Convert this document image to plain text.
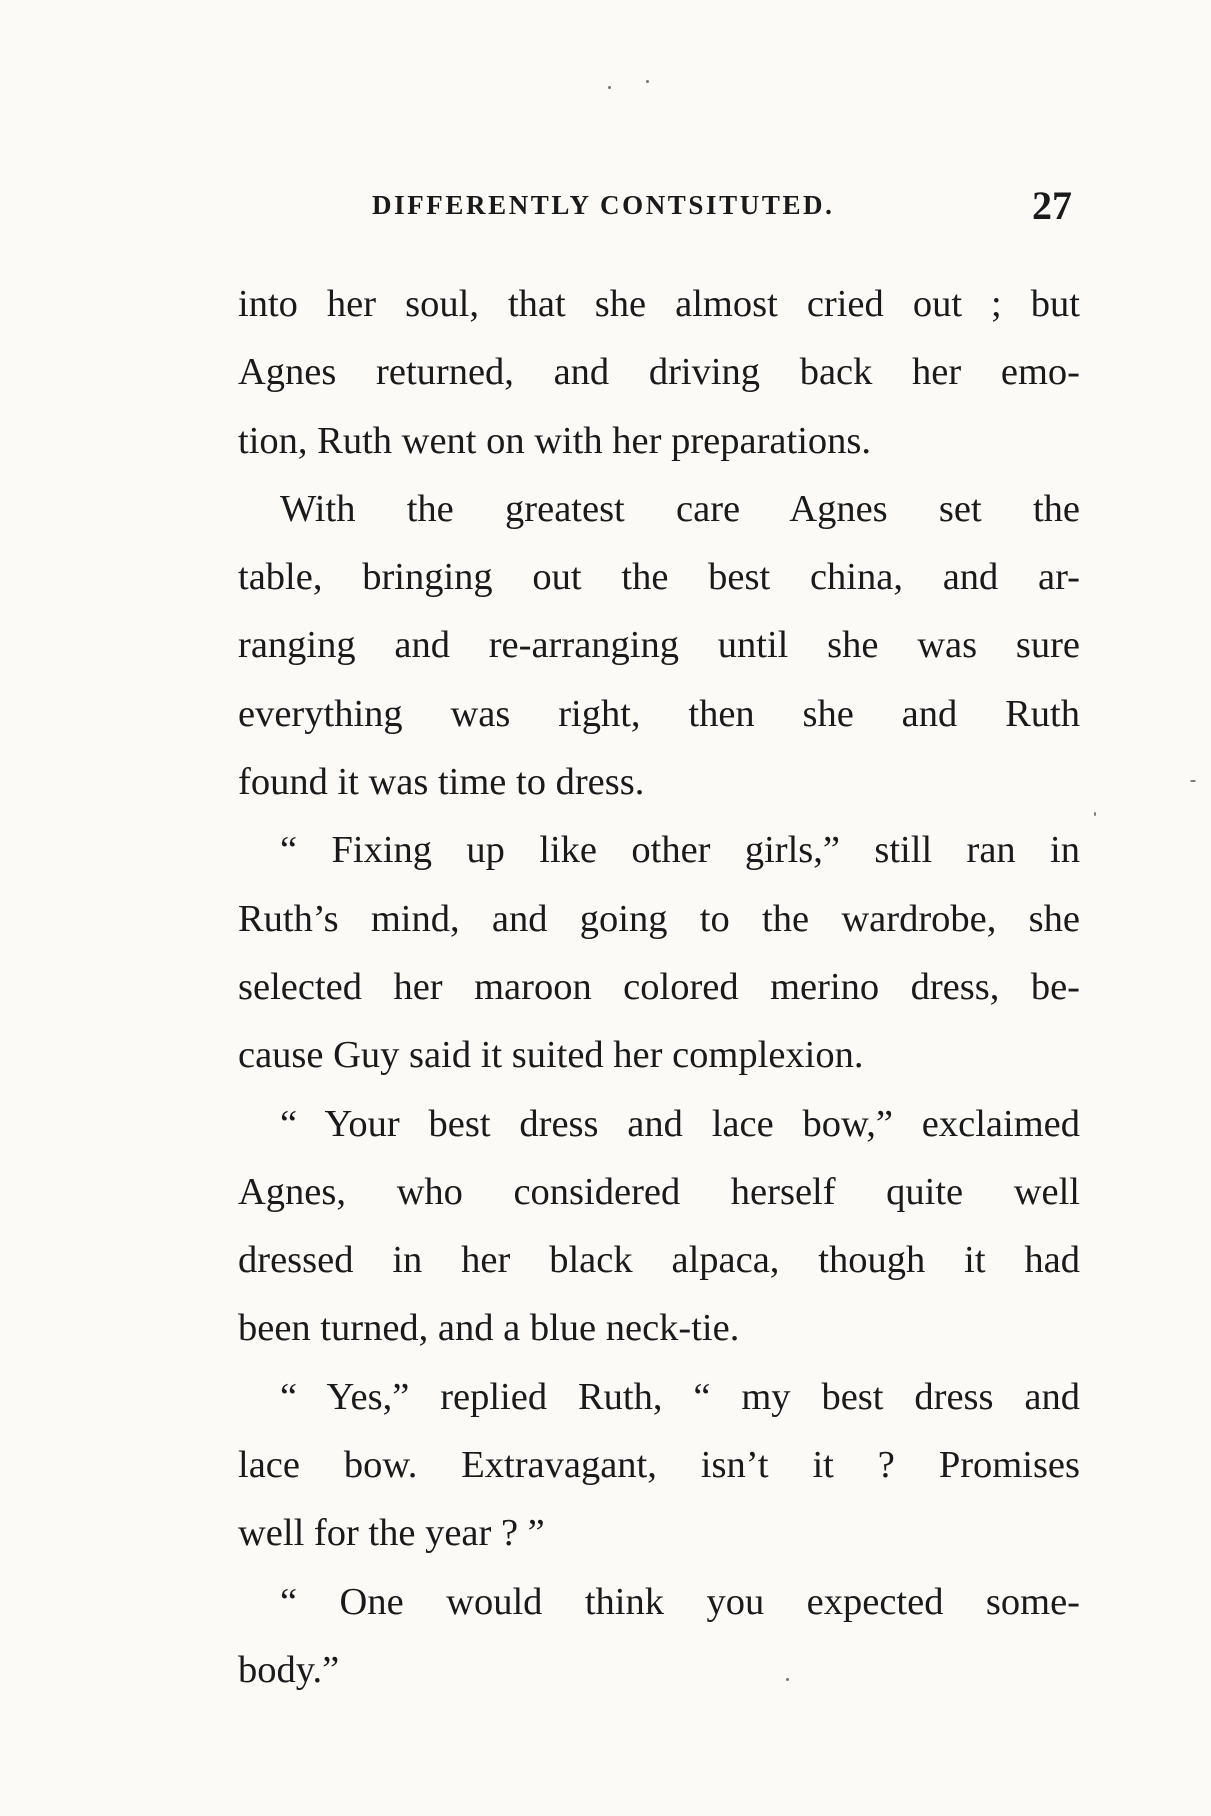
DIFFERENTLY CONTSITUTED.	27

into her soul, that she almost cried out ; but
Agnes returned, and driving back her emo-
tion, Ruth went on with her preparations.

With the greatest care Agnes set the
table, bringing out the best china, and ar-
ranging and re-arranging until she was sure
everything was right, then she and Ruth
found it was time to dress.

“ Fixing up like other girls,” still ran in
Ruth’s mind, and going to the wardrobe, she
selected her maroon colored merino dress, be-
cause Guy said it suited her complexion.

“ Your best dress and lace bow,” exclaimed
Agnes, who considered herself quite well
dressed in her black alpaca, though it had
been turned, and a blue neck-tie.

“ Yes,” replied Ruth, “ my best dress and
lace bow. Extravagant, isn’t it ? Promises
well for the year ? ”

“ One would think you expected some-
body.”
